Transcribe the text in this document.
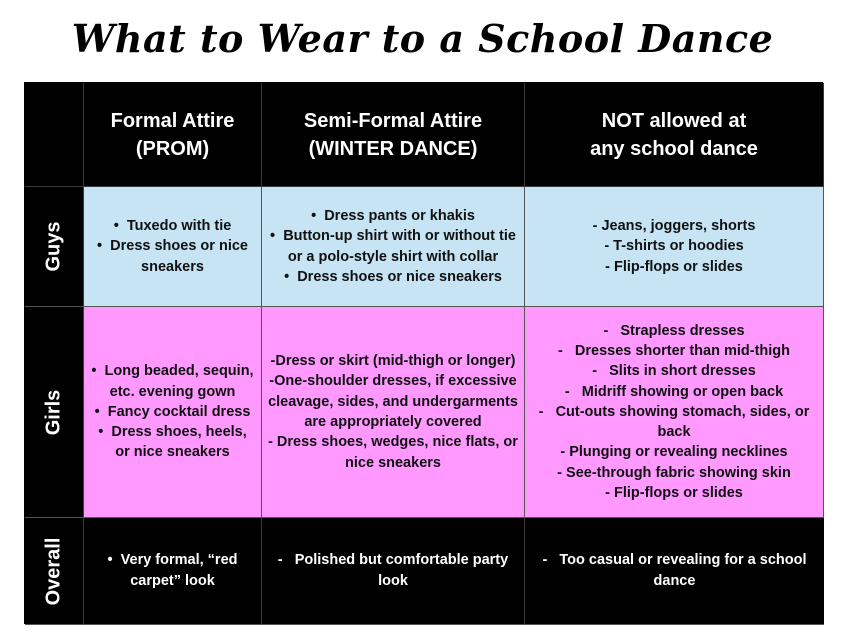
What to Wear to a School Dance
Formal Attire
(PROM)
Semi-Formal Attire
(WINTER DANCE)
NOT allowed at
any school dance
Guys	•  Tuxedo with tie
•  Dress shoes or nice sneakers
•  Dress pants or khakis
•  Button-up shirt with or without tie or a polo-style shirt with collar
•  Dress shoes or nice sneakers
- Jeans, joggers, shorts
- T-shirts or hoodies
- Flip-flops or slides
Girls
•  Long beaded, sequin, etc. evening gown
•  Fancy cocktail dress
•  Dress shoes, heels, or nice sneakers
-Dress or skirt (mid-thigh or longer)
-One-shoulder dresses, if excessive cleavage, sides, and undergarments are appropriately covered
- Dress shoes, wedges, nice flats, or nice sneakers
-   Strapless dresses
-   Dresses shorter than mid-thigh
-   Slits in short dresses
-   Midriff showing or open back
-   Cut-outs showing stomach, sides, or back
- Plunging or revealing necklines
- See-through fabric showing skin
- Flip-flops or slides
Overall	•  Very formal, “red carpet” look
-   Polished but comfortable party look
-   Too casual or revealing for a school dance
